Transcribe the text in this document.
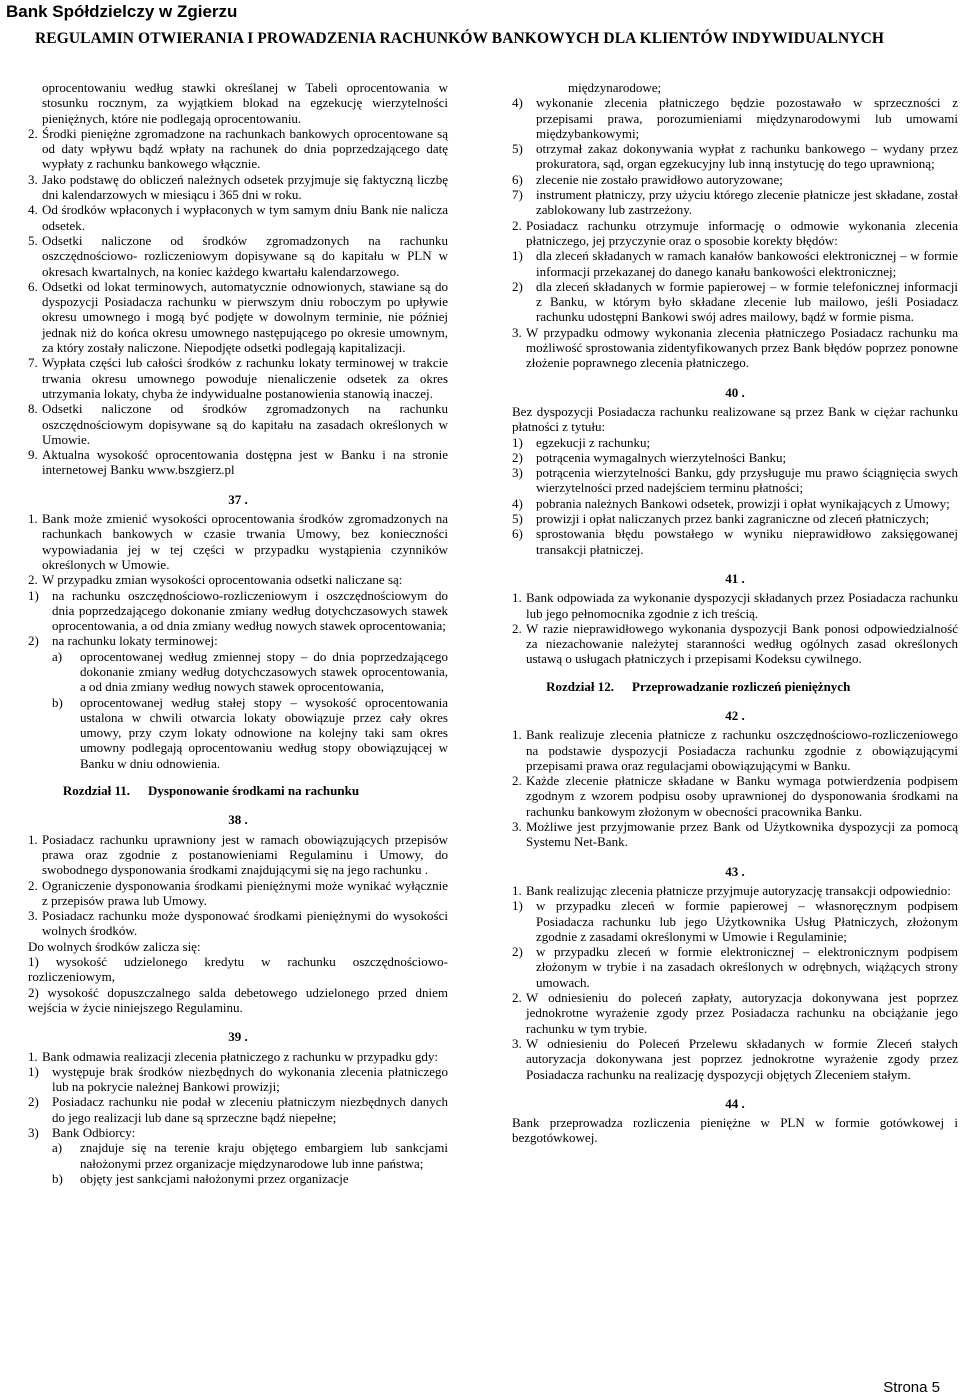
Bank Spółdzielczy w Zgierzu
REGULAMIN OTWIERANIA I PROWADZENIA RACHUNKÓW BANKOWYCH DLA KLIENTÓW INDYWIDUALNYCH

oprocentowaniu według stawki określanej w Tabeli oprocentowania w stosunku rocznym, za wyjątkiem blokad na egzekucję wierzytelności pieniężnych, które nie podlegają oprocentowaniu.

2. Środki pieniężne zgromadzone na rachunkach bankowych oprocentowane są od daty wpływu bądź wpłaty na rachunek do dnia poprzedzającego datę wypłaty z rachunku bankowego włącznie.
3. Jako podstawę do obliczeń należnych odsetek przyjmuje się faktyczną liczbę dni kalendarzowych w miesiącu i 365 dni w roku.
4. Od środków wpłaconych i wypłaconych w tym samym dniu Bank nie nalicza odsetek.
5. Odsetki naliczone od środków zgromadzonych na rachunku oszczędnościowo- rozliczeniowym dopisywane są do kapitału w PLN w okresach kwartalnych, na koniec każdego kwartału kalendarzowego.
6. Odsetki od lokat terminowych, automatycznie odnowionych, stawiane są do dyspozycji Posiadacza rachunku w pierwszym dniu roboczym po upływie okresu umownego i mogą być podjęte w dowolnym terminie, nie później jednak niż do końca okresu umownego następującego po okresie umownym, za który zostały naliczone. Niepodjęte odsetki podlegają kapitalizacji.
7. Wypłata części lub całości środków z rachunku lokaty terminowej w trakcie trwania okresu umownego powoduje nienaliczenie odsetek za okres utrzymania lokaty, chyba że indywidualne postanowienia stanowią inaczej.
8. Odsetki naliczone od środków zgromadzonych na rachunku oszczędnościowym dopisywane są do kapitału na zasadach określonych w Umowie.
9. Aktualna wysokość oprocentowania dostępna jest w Banku i na stronie internetowej Banku www.bszgierz.pl
37 .
1. Bank może zmienić wysokości oprocentowania środków zgromadzonych na rachunkach bankowych w czasie trwania Umowy, bez konieczności wypowiadania jej w tej części w przypadku wystąpienia czynników określonych w Umowie.
2. W przypadku zmian wysokości oprocentowania odsetki naliczane są:
1)	na rachunku oszczędnościowo-rozliczeniowym i oszczędnościowym do dnia poprzedzającego dokonanie zmiany według dotychczasowych stawek oprocentowania, a od dnia zmiany według nowych stawek oprocentowania;
2)	na rachunku lokaty terminowej:
a)	oprocentowanej według zmiennej stopy – do dnia poprzedzającego dokonanie zmiany według dotychczasowych stawek oprocentowania, a od dnia zmiany według nowych stawek oprocentowania,
b)	oprocentowanej według stałej stopy – wysokość oprocentowania ustalona w chwili otwarcia lokaty obowiązuje przez cały okres umowy, przy czym lokaty odnowione na kolejny taki sam okres umowny podlegają oprocentowaniu według stopy obowiązującej w Banku w dniu odnowienia.
Rozdział 11.	Dysponowanie środkami na rachunku
38 .
1. Posiadacz rachunku uprawniony jest w ramach obowiązujących przepisów prawa oraz zgodnie z postanowieniami Regulaminu i Umowy, do swobodnego dysponowania środkami znajdującymi się na jego rachunku .
2. Ograniczenie dysponowania środkami pieniężnymi może wynikać wyłącznie z przepisów prawa lub Umowy.
3. Posiadacz rachunku może dysponować środkami pieniężnymi do wysokości wolnych środków.

Do wolnych środków zalicza się:

1) wysokość udzielonego kredytu w rachunku oszczędnościowo-rozliczeniowym,

2) wysokość dopuszczalnego salda debetowego udzielonego przed dniem wejścia w życie niniejszego Regulaminu.

39 .
1. Bank odmawia realizacji zlecenia płatniczego z rachunku w przypadku gdy:
1)	występuje brak środków niezbędnych do wykonania zlecenia płatniczego lub na pokrycie należnej Bankowi prowizji;
2)	Posiadacz rachunku nie podał w zleceniu płatniczym niezbędnych danych do jego realizacji lub dane są sprzeczne bądź niepełne;
3)	Bank Odbiorcy:
a)	znajduje się na terenie kraju objętego embargiem lub sankcjami nałożonymi przez organizacje międzynarodowe lub inne państwa;
b)	objęty jest sankcjami nałożonymi przez organizacje

międzynarodowe;

4)	wykonanie zlecenia płatniczego będzie pozostawało w sprzeczności z przepisami prawa, porozumieniami międzynarodowymi lub umowami międzybankowymi;
5)	otrzymał zakaz dokonywania wypłat z rachunku bankowego – wydany przez prokuratora, sąd, organ egzekucyjny lub inną instytucję do tego uprawnioną;
6)	zlecenie nie zostało prawidłowo autoryzowane;
7)	instrument płatniczy, przy użyciu którego zlecenie płatnicze jest składane, został zablokowany lub zastrzeżony.
2. Posiadacz rachunku otrzymuje informację o odmowie wykonania zlecenia płatniczego, jej przyczynie oraz o sposobie korekty błędów:
1)	dla zleceń składanych w ramach kanałów bankowości elektronicznej – w formie informacji przekazanej do danego kanału bankowości elektronicznej;
2)	dla zleceń składanych w formie papierowej – w formie telefonicznej informacji z Banku, w którym było składane zlecenie lub mailowo, jeśli Posiadacz rachunku udostępni Bankowi swój adres mailowy, bądź w formie pisma.
3. W przypadku odmowy wykonania zlecenia płatniczego Posiadacz rachunku ma możliwość sprostowania zidentyfikowanych przez Bank błędów poprzez ponowne złożenie poprawnego zlecenia płatniczego.
40 .

Bez dyspozycji Posiadacza rachunku realizowane są przez Bank w ciężar rachunku płatności z tytułu:

1)	egzekucji z rachunku;
2)	potrącenia wymagalnych wierzytelności Banku;
3)	potrącenia wierzytelności Banku, gdy przysługuje mu prawo ściągnięcia swych wierzytelności przed nadejściem terminu płatności;
4)	pobrania należnych Bankowi odsetek, prowizji i opłat wynikających z Umowy;
5)	prowizji i opłat naliczanych przez banki zagraniczne od zleceń płatniczych;
6)	sprostowania błędu powstałego w wyniku nieprawidłowo zaksięgowanej transakcji płatniczej.
41 .
1. Bank odpowiada za wykonanie dyspozycji składanych przez Posiadacza rachunku lub jego pełnomocnika zgodnie z ich treścią.
2. W razie nieprawidłowego wykonania dyspozycji Bank ponosi odpowiedzialność za niezachowanie należytej staranności według ogólnych zasad określonych ustawą o usługach płatniczych i przepisami Kodeksu cywilnego.
Rozdział 12.	Przeprowadzanie rozliczeń pieniężnych
42 .
1. Bank realizuje zlecenia płatnicze z rachunku oszczędnościowo-rozliczeniowego na podstawie dyspozycji Posiadacza rachunku zgodnie z obowiązującymi przepisami prawa oraz regulacjami obowiązującymi w Banku.
2. Każde zlecenie płatnicze składane w Banku wymaga potwierdzenia podpisem zgodnym z wzorem podpisu osoby uprawnionej do dysponowania środkami na rachunku bankowym złożonym w obecności pracownika Banku.
3. Możliwe jest przyjmowanie przez Bank od Użytkownika dyspozycji za pomocą Systemu Net-Bank.
43 .
1. Bank realizując zlecenia płatnicze przyjmuje autoryzację transakcji odpowiednio:
1)	w przypadku zleceń w formie papierowej – własnoręcznym podpisem Posiadacza rachunku lub jego Użytkownika Usług Płatniczych, złożonym zgodnie z zasadami określonymi w Umowie i Regulaminie;
2)	w przypadku zleceń w formie elektronicznej – elektronicznym podpisem złożonym w trybie i na zasadach określonych w odrębnych, wiążących strony umowach.
2. W odniesieniu do poleceń zapłaty, autoryzacja dokonywana jest poprzez jednokrotne wyrażenie zgody przez Posiadacza rachunku na obciążanie jego rachunku w tym trybie.
3. W odniesieniu do Poleceń Przelewu składanych w formie Zleceń stałych autoryzacja dokonywana jest poprzez jednokrotne wyrażenie zgody przez Posiadacza rachunku na realizację dyspozycji objętych Zleceniem stałym.
44 .

Bank przeprowadza rozliczenia pieniężne w PLN w formie gotówkowej i bezgotówkowej.

Strona 5
